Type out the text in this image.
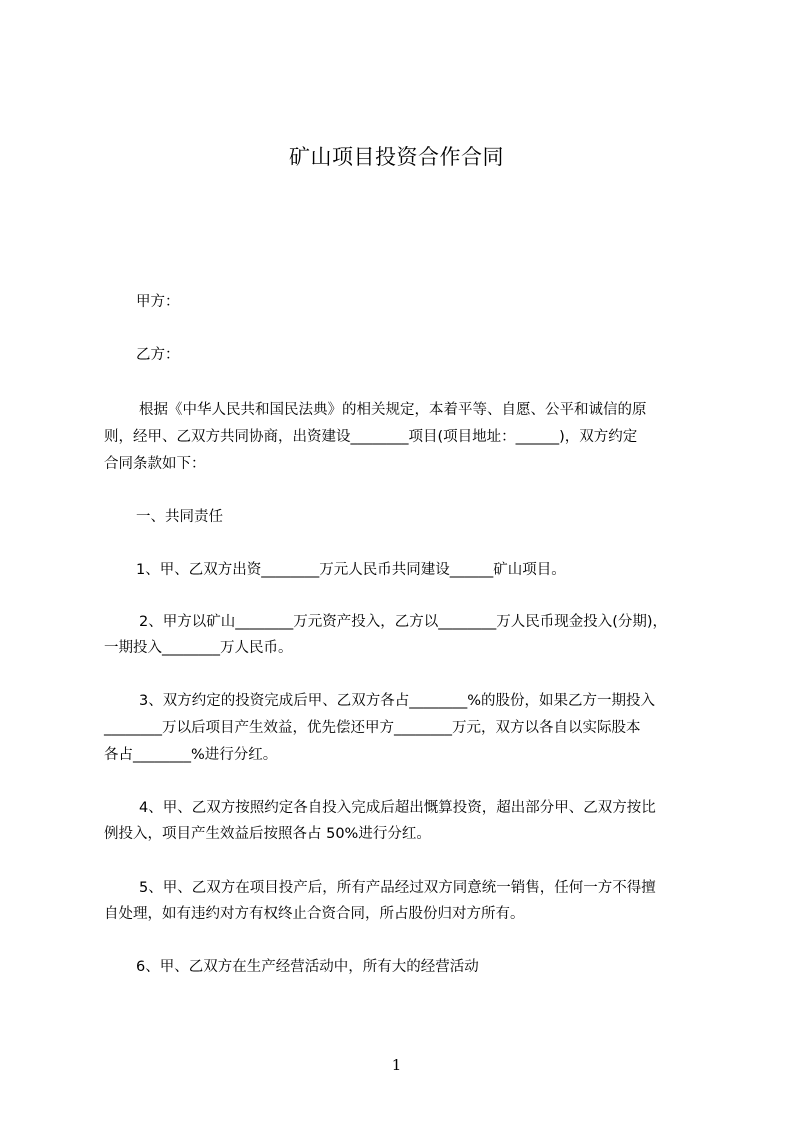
矿山项目投资合作合同
甲方：
乙方：
根据《中华人民共和国民法典》的相关规定，本着平等、自愿、公平和诚信的原
则，经甲、乙双方共同协商，出资建设________项目(项目地址：______)，双方约定
合同条款如下：
一、共同责任
1、甲、乙双方出资________万元人民币共同建设______矿山项目。
2、甲方以矿山________万元资产投入，乙方以________万人民币现金投入(分期)，
一期投入________万人民币。
3、双方约定的投资完成后甲、乙双方各占________%的股份，如果乙方一期投入
________万以后项目产生效益，优先偿还甲方________万元，双方以各自以实际股本
各占________%进行分红。
4、甲、乙双方按照约定各自投入完成后超出慨算投资，超出部分甲、乙双方按比
例投入，项目产生效益后按照各占 50%进行分红。
5、甲、乙双方在项目投产后，所有产品经过双方同意统一销售，任何一方不得擅
自处理，如有违约对方有权终止合资合同，所占股份归对方所有。
6、甲、乙双方在生产经营活动中，所有大的经营活动
1
